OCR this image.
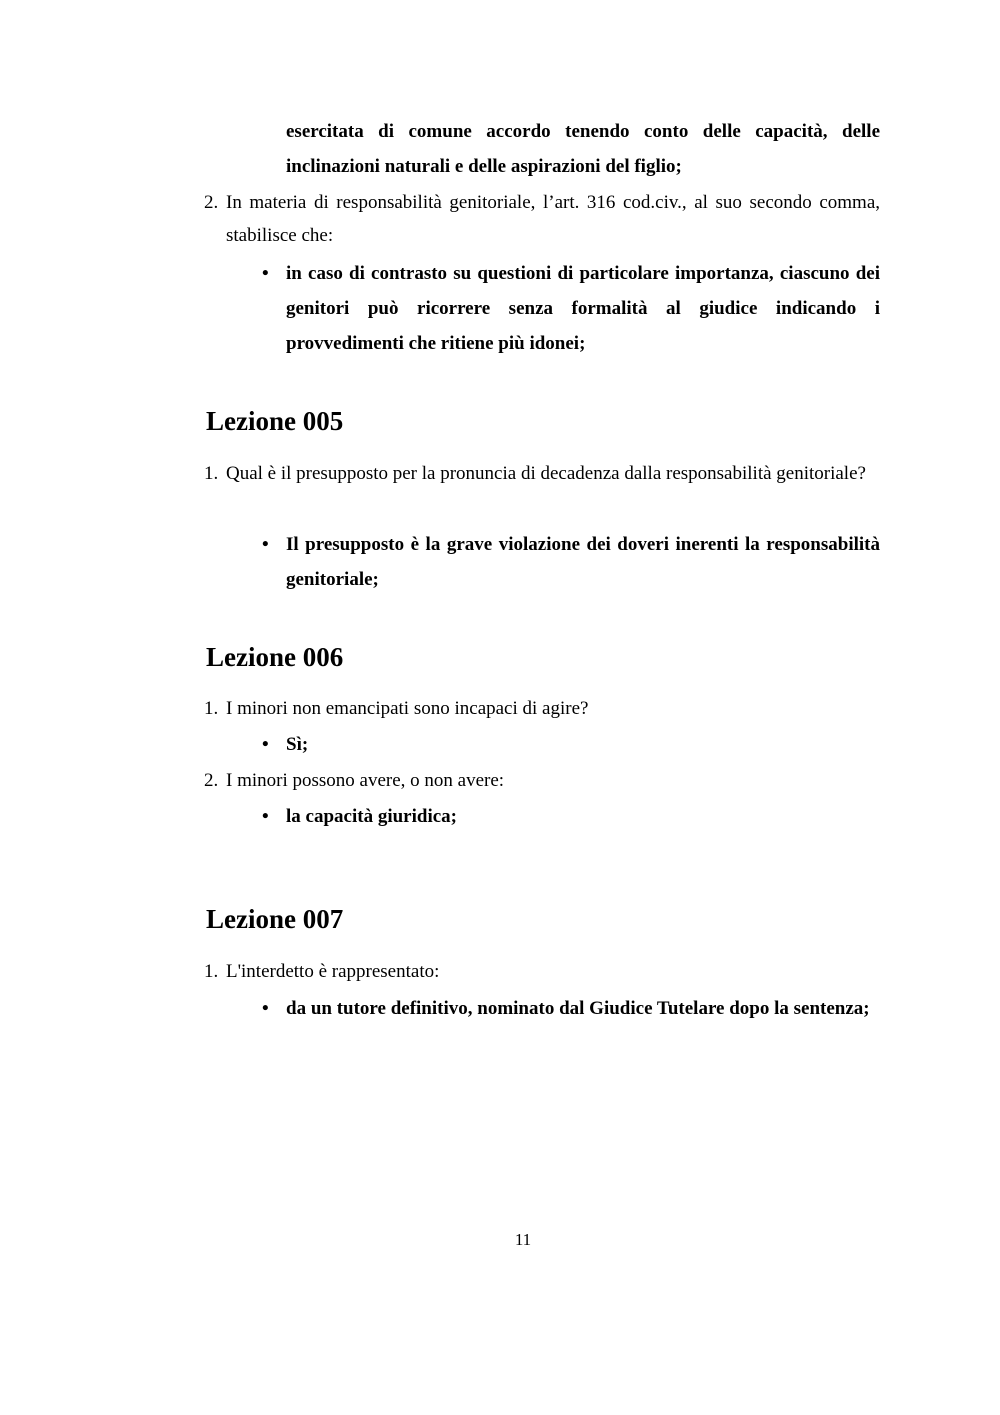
esercitata di comune accordo tenendo conto delle capacità, delle inclinazioni naturali e delle aspirazioni del figlio;
2. In materia di responsabilità genitoriale, l’art. 316 cod.civ., al suo secondo comma, stabilisce che:
• in caso di contrasto su questioni di particolare importanza, ciascuno dei genitori può ricorrere senza formalità al giudice indicando i provvedimenti che ritiene più idonei;
Lezione 005
1. Qual è il presupposto per la pronuncia di decadenza dalla responsabilità genitoriale?
• Il presupposto è la grave violazione dei doveri inerenti la responsabilità genitoriale;
Lezione 006
1. I minori non emancipati sono incapaci di agire?
• Sì;
2. I minori possono avere, o non avere:
• la capacità giuridica;
Lezione 007
1. L'interdetto è rappresentato:
• da un tutore definitivo, nominato dal Giudice Tutelare dopo la sentenza;
11
